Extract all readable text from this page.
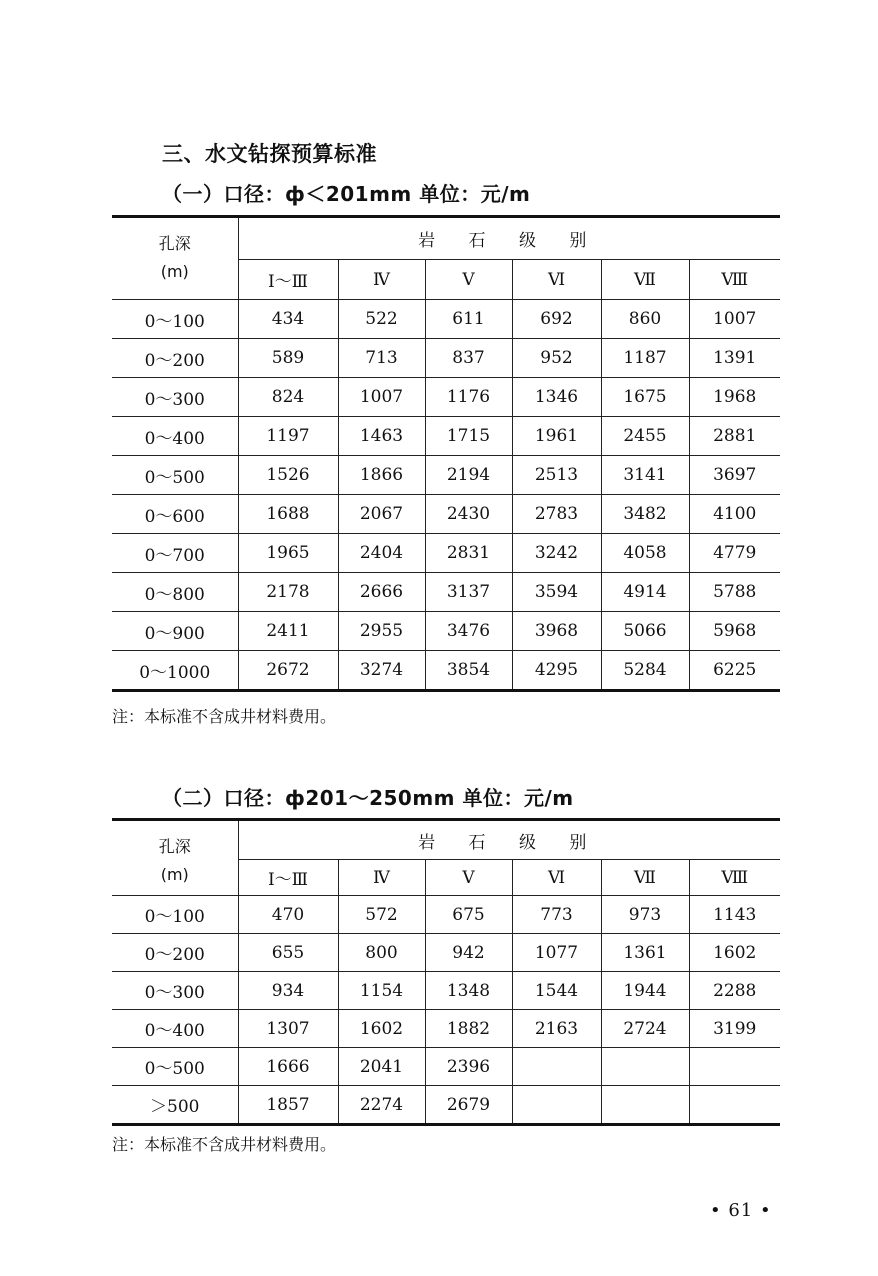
三、水文钻探预算标准
（一）口径：ф＜201mm 单位：元/m
孔深
(m)	岩 石 级 别					
	Ⅰ～Ⅲ	Ⅳ	Ⅴ	Ⅵ	Ⅶ	Ⅷ
0～100	434	522	611	692	860	1007
0～200	589	713	837	952	1187	1391
0～300	824	1007	1176	1346	1675	1968
0～400	1197	1463	1715	1961	2455	2881
0～500	1526	1866	2194	2513	3141	3697
0～600	1688	2067	2430	2783	3482	4100
0～700	1965	2404	2831	3242	4058	4779
0～800	2178	2666	3137	3594	4914	5788
0～900	2411	2955	3476	3968	5066	5968
0～1000	2672	3274	3854	4295	5284	6225
注：本标准不含成井材料费用。
（二）口径：ф201～250mm 单位：元/m
孔深
(m)	岩 石 级 别					
	Ⅰ～Ⅲ	Ⅳ	Ⅴ	Ⅵ	Ⅶ	Ⅷ
0～100	470	572	675	773	973	1143
0～200	655	800	942	1077	1361	1602
0～300	934	1154	1348	1544	1944	2288
0～400	1307	1602	1882	2163	2724	3199
0～500	1666	2041	2396			
＞500	1857	2274	2679			
注：本标准不含成井材料费用。
• 61 •
